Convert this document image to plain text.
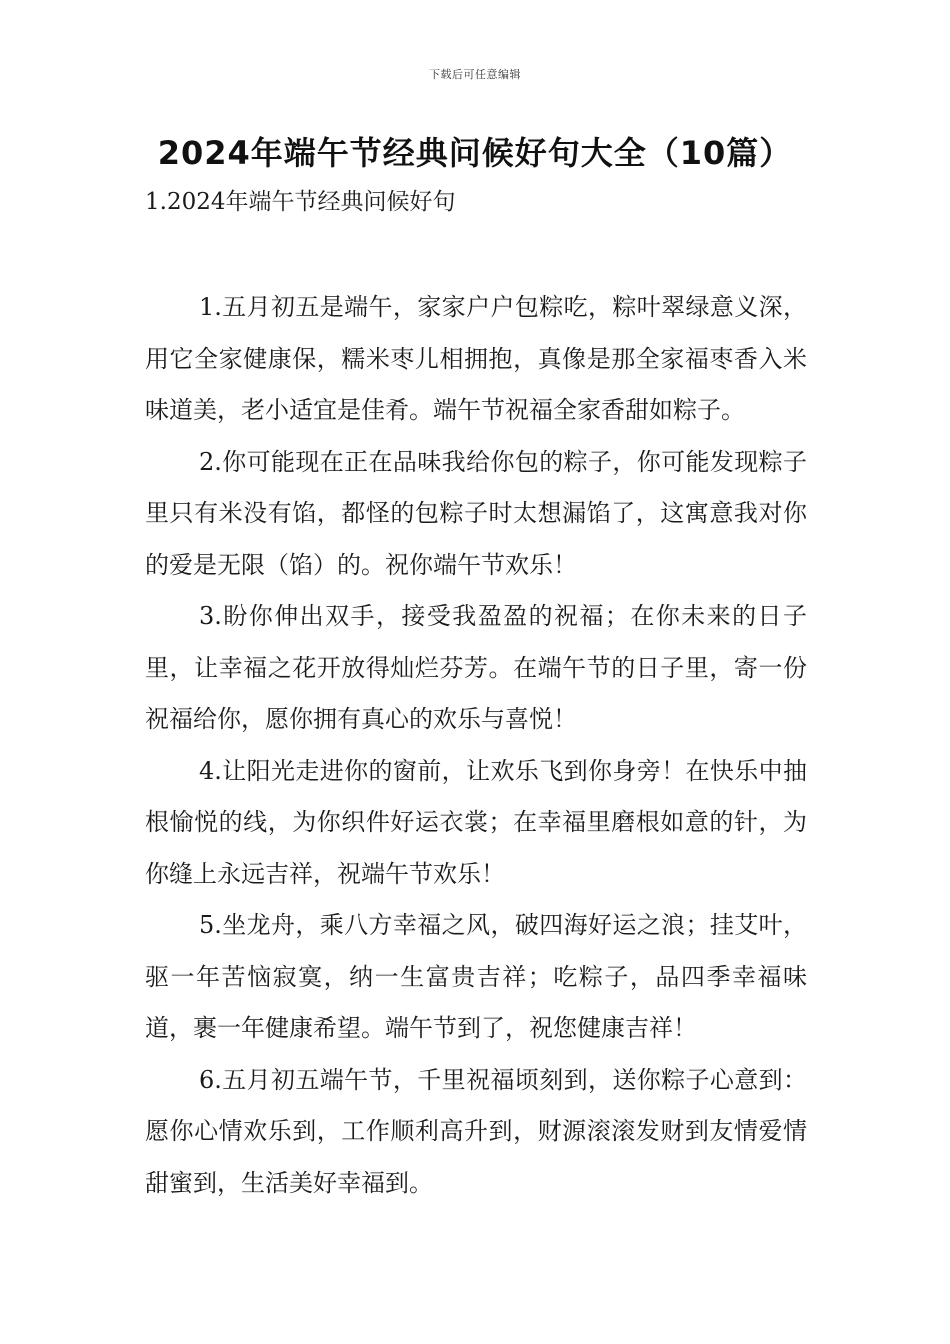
下载后可任意编辑
2024年端午节经典问候好句大全（10篇）
1.2024年端午节经典问候好句

1.五月初五是端午，家家户户包粽吃，粽叶翠绿意义深，用它全家健康保，糯米枣儿相拥抱，真像是那全家福枣香入米味道美，老小适宜是佳肴。端午节祝福全家香甜如粽子。

2.你可能现在正在品味我给你包的粽子，你可能发现粽子里只有米没有馅，都怪的包粽子时太想漏馅了，这寓意我对你的爱是无限（馅）的。祝你端午节欢乐！

3.盼你伸出双手，接受我盈盈的祝福；在你未来的日子里，让幸福之花开放得灿烂芬芳。在端午节的日子里，寄一份祝福给你，愿你拥有真心的欢乐与喜悦！

4.让阳光走进你的窗前，让欢乐飞到你身旁！在快乐中抽根愉悦的线，为你织件好运衣裳；在幸福里磨根如意的针，为你缝上永远吉祥，祝端午节欢乐！

5.坐龙舟，乘八方幸福之风，破四海好运之浪；挂艾叶，驱一年苦恼寂寞，纳一生富贵吉祥；吃粽子，品四季幸福味道，裹一年健康希望。端午节到了，祝您健康吉祥！

6.五月初五端午节，千里祝福顷刻到，送你粽子心意到：愿你心情欢乐到，工作顺利高升到，财源滚滚发财到友情爱情甜蜜到，生活美好幸福到。
